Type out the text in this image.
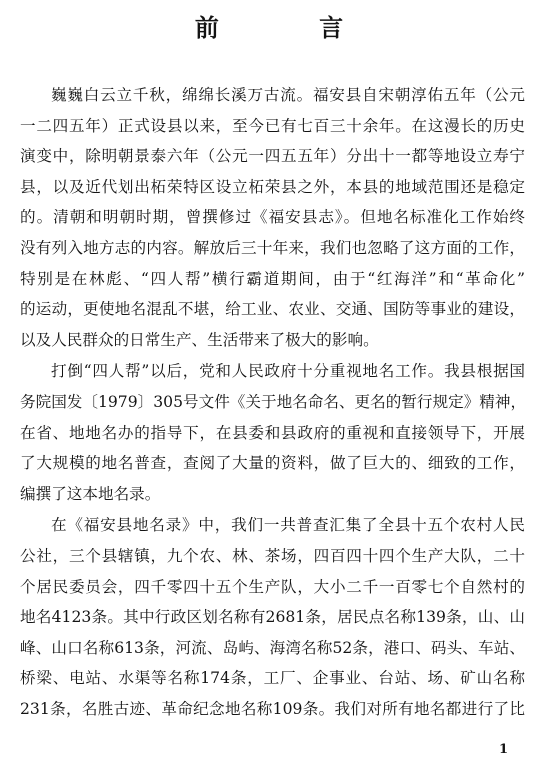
前 言
巍巍白云立千秋，绵绵长溪万古流。福安县自宋朝淳佑五年（公元
一二四五年）正式设县以来，至今已有七百三十余年。在这漫长的历史
演变中，除明朝景泰六年（公元一四五五年）分出十一都等地设立寿宁
县，以及近代划出柘荣特区设立柘荣县之外，本县的地域范围还是稳定
的。清朝和明朝时期，曾撰修过《福安县志》。但地名标准化工作始终
没有列入地方志的内容。解放后三十年来，我们也忽略了这方面的工作，
特别是在林彪、“四人帮”横行霸道期间，由于“红海洋”和“革命化”
的运动，更使地名混乱不堪，给工业、农业、交通、国防等事业的建设，
以及人民群众的日常生产、生活带来了极大的影响。
打倒“四人帮”以后，党和人民政府十分重视地名工作。我县根据国
务院国发〔1979〕305号文件《关于地名命名、更名的暂行规定》精神，
在省、地地名办的指导下，在县委和县政府的重视和直接领导下，开展
了大规模的地名普查，查阅了大量的资料，做了巨大的、细致的工作，
编撰了这本地名录。
在《福安县地名录》中，我们一共普查汇集了全县十五个农村人民
公社，三个县辖镇，九个农、林、茶场，四百四十四个生产大队，二十
个居民委员会，四千零四十五个生产队，大小二千一百零七个自然村的
地名4123条。其中行政区划名称有2681条，居民点名称139条，山、山
峰、山口名称613条，河流、岛屿、海湾名称52条，港口、码头、车站、
桥梁、电站、水渠等名称174条，工厂、企事业、台站、场、矿山名称
231条，名胜古迹、革命纪念地名称109条。我们对所有地名都进行了比
1
